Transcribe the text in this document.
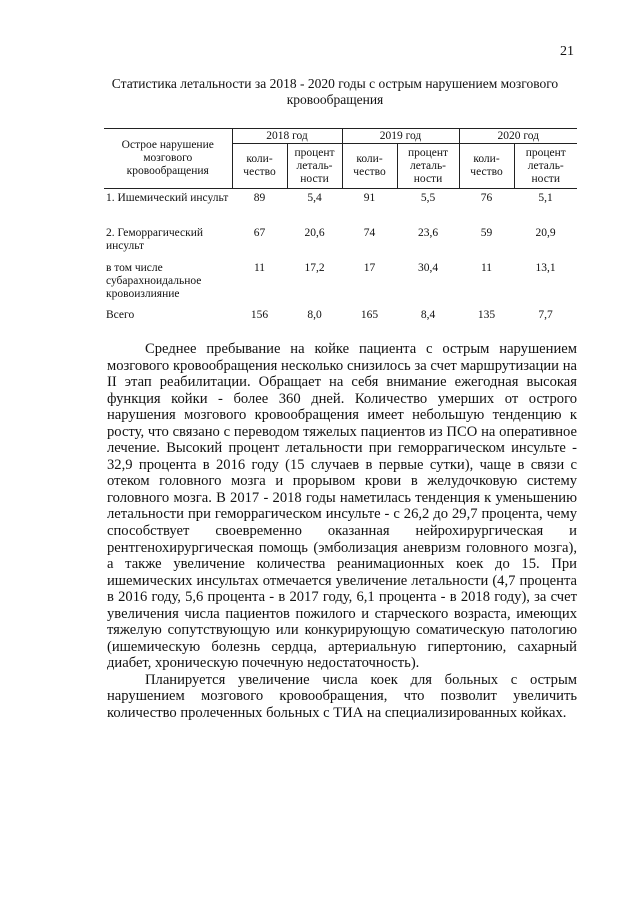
21
Статистика летальности за 2018 - 2020 годы с острым нарушением мозгового кровообращения
Острое нарушение мозгового кровообращения	2018 год		2019 год		2020 год	
	коли-чество	процент леталь-ности	коли-чество	процент леталь-ности	коли-чество	процент леталь-ности
1. Ишемический инсульт	89	5,4	91	5,5	76	5,1
2. Геморрагический инсульт	67	20,6	74	23,6	59	20,9
в том числе субарахноидальное кровоизлияние	11	17,2	17	30,4	11	13,1
Всего	156	8,0	165	8,4	135	7,7

Среднее пребывание на койке пациента с острым нарушением мозгового кровообращения несколько снизилось за счет маршрутизации на II этап реабилитации. Обращает на себя внимание ежегодная высокая функция койки - более 360 дней. Количество умерших от острого нарушения мозгового кровообращения имеет небольшую тенденцию к росту, что связано с переводом тяжелых пациентов из ПСО на оперативное лечение. Высокий процент летальности при геморрагическом инсульте - 32,9 процента в 2016 году (15 случаев в первые сутки), чаще в связи с отеком головного мозга и прорывом крови в желудочковую систему головного мозга. В 2017 - 2018 годы наметилась тенденция к уменьшению летальности при геморрагическом инсульте - с 26,2 до 29,7 процента, чему способствует своевременно оказанная нейрохирургическая и рентгенохирургическая помощь (эмболизация аневризм головного мозга), а также увеличение количества реанимационных коек до 15. При ишемических инсультах отмечается увеличение летальности (4,7 процента в 2016 году, 5,6 процента - в 2017 году, 6,1 процента - в 2018 году), за счет увеличения числа пациентов пожилого и старческого возраста, имеющих тяжелую сопутствующую или конкурирующую соматическую патологию (ишемическую болезнь сердца, артериальную гипертонию, сахарный диабет, хроническую почечную недостаточность).

Планируется увеличение числа коек для больных с острым нарушением мозгового кровообращения, что позволит увеличить количество пролеченных больных с ТИА на специализированных койках.
